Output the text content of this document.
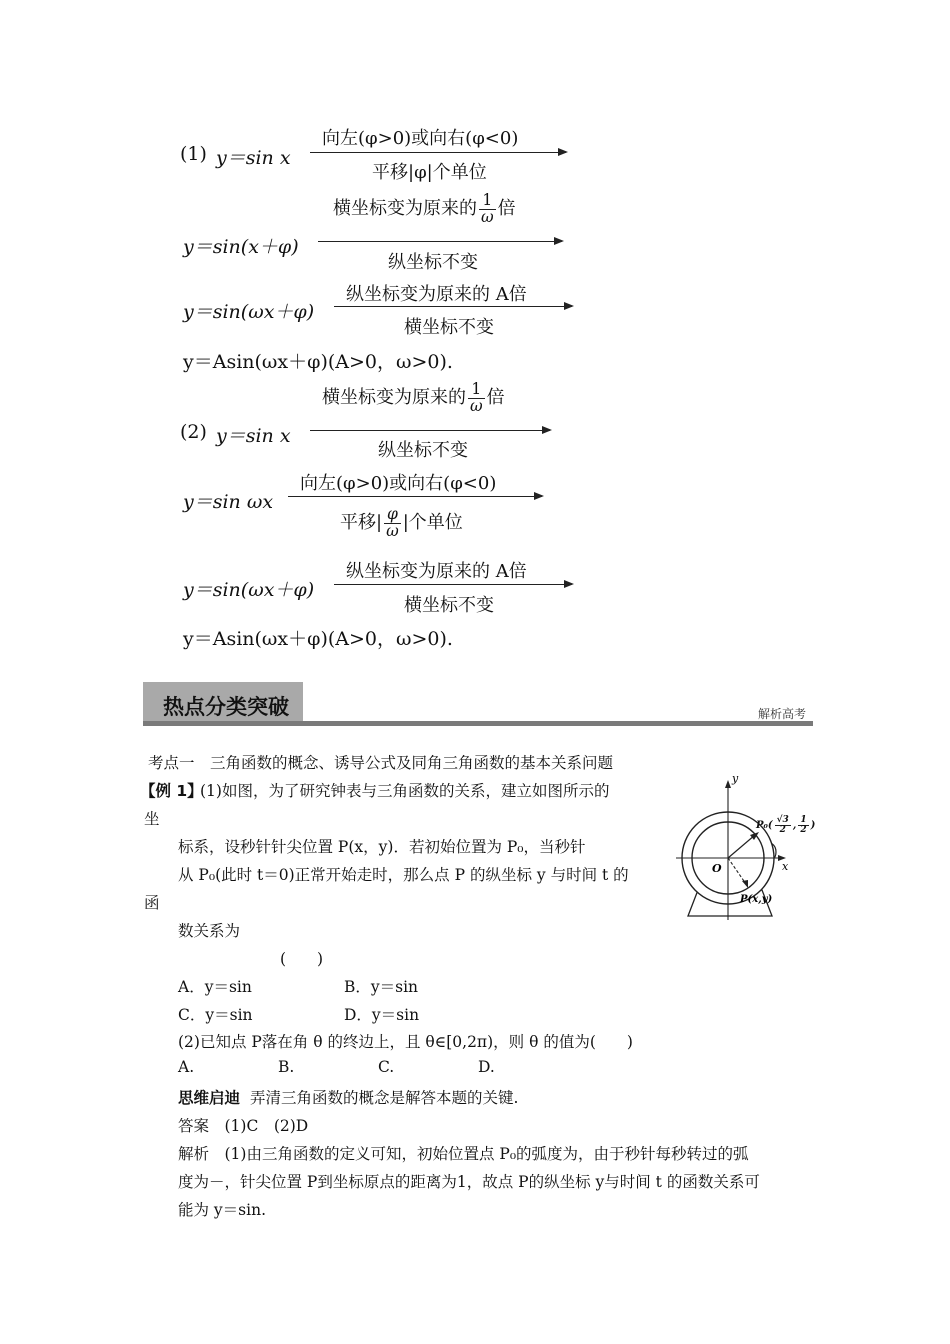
(1) y＝sin x
向左(φ>0)或向右(φ<0)
平移|φ|个单位
横坐标变为原来的 $\frac{1}{\omega}$ 倍
y＝sin(x＋φ)
纵坐标不变
纵坐标变为原来的 A倍
y＝sin(ωx＋φ)
横坐标不变
y＝Asin(ωx＋φ)(A>0，ω>0).
横坐标变为原来的 $\frac{1}{\omega}$ 倍
(2) y＝sin x
纵坐标不变
向左(φ>0)或向右(φ<0)
y＝sin ωx
平移| $\frac{\varphi}{\omega}$ |个单位
纵坐标变为原来的 A倍
y＝sin(ωx＋φ)
横坐标不变
y＝Asin(ωx＋φ)(A>0，ω>0).
热点分类突破	解析高考
考点一　三角函数的概念、诱导公式及同角三角函数的基本关系问题
【例 1】
(1)如图，为了研究钟表与三角函数的关系，建立如图所示的
坐
标系，设秒针针尖位置 P(x，y)．若初始位置为 P₀，当秒针
从 P₀(此时 t＝0)正常开始走时，那么点 P 的纵坐标 y 与时间 t 的
函
数关系为
(　　)
A．y＝sin	B．y＝sin
C．y＝sin	D．y＝sin
(2)已知点 P落在角 θ 的终边上，且 θ∈[0,2π)，则 θ 的值为(　　)
A.	B.	C.	D.
思维启迪 弄清三角函数的概念是解答本题的关键.
答案　(1)C　(2)D
解析　(1)由三角函数的定义可知，初始位置点 P₀的弧度为，由于秒针每秒转过的弧
度为－，针尖位置 P到坐标原点的距离为1，故点 P的纵坐标 y与时间 t 的函数关系可
能为 y＝sin.
y
x
O
P(x,y)
$P_0( \frac{√3}{2}$ , $\frac{1}{2}$ )
